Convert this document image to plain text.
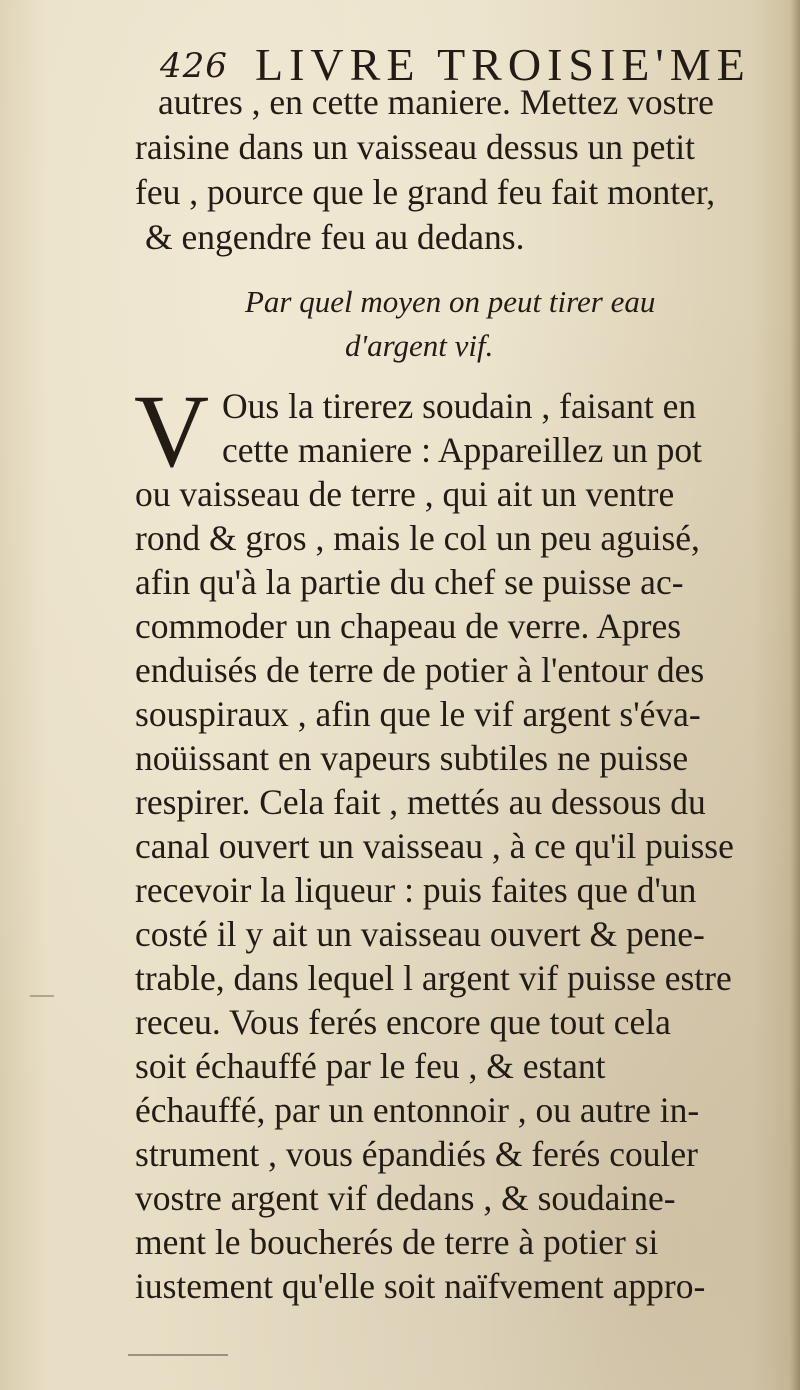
426 LIVRE TROISIE'ME
autres , en cette maniere. Mettez vostre
raisine dans un vaisseau dessus un petit
feu , pource que le grand feu fait monter,
& engendre feu au dedans.
Par quel moyen on peut tirer eau
d'argent vif.
V Ous la tirerez soudain , faisant en
cette maniere : Appareillez un pot
ou vaisseau de terre , qui ait un ventre
rond & gros , mais le col un peu aguisé,
afin qu'à la partie du chef se puisse ac-
commoder un chapeau de verre. Apres
enduisés de terre de potier à l'entour des
souspiraux , afin que le vif argent s'éva-
noüissant en vapeurs subtiles ne puisse
respirer. Cela fait , mettés au dessous du
canal ouvert un vaisseau , à ce qu'il puisse
recevoir la liqueur : puis faites que d'un
costé il y ait un vaisseau ouvert & pene-
trable, dans lequel l argent vif puisse estre
receu. Vous ferés encore que tout cela
soit échauffé par le feu , & estant
échauffé, par un entonnoir , ou autre in-
strument , vous épandiés & ferés couler
vostre argent vif dedans , & soudaine-
ment le boucherés de terre à potier si
iustement qu'elle soit naïfvement appro-
